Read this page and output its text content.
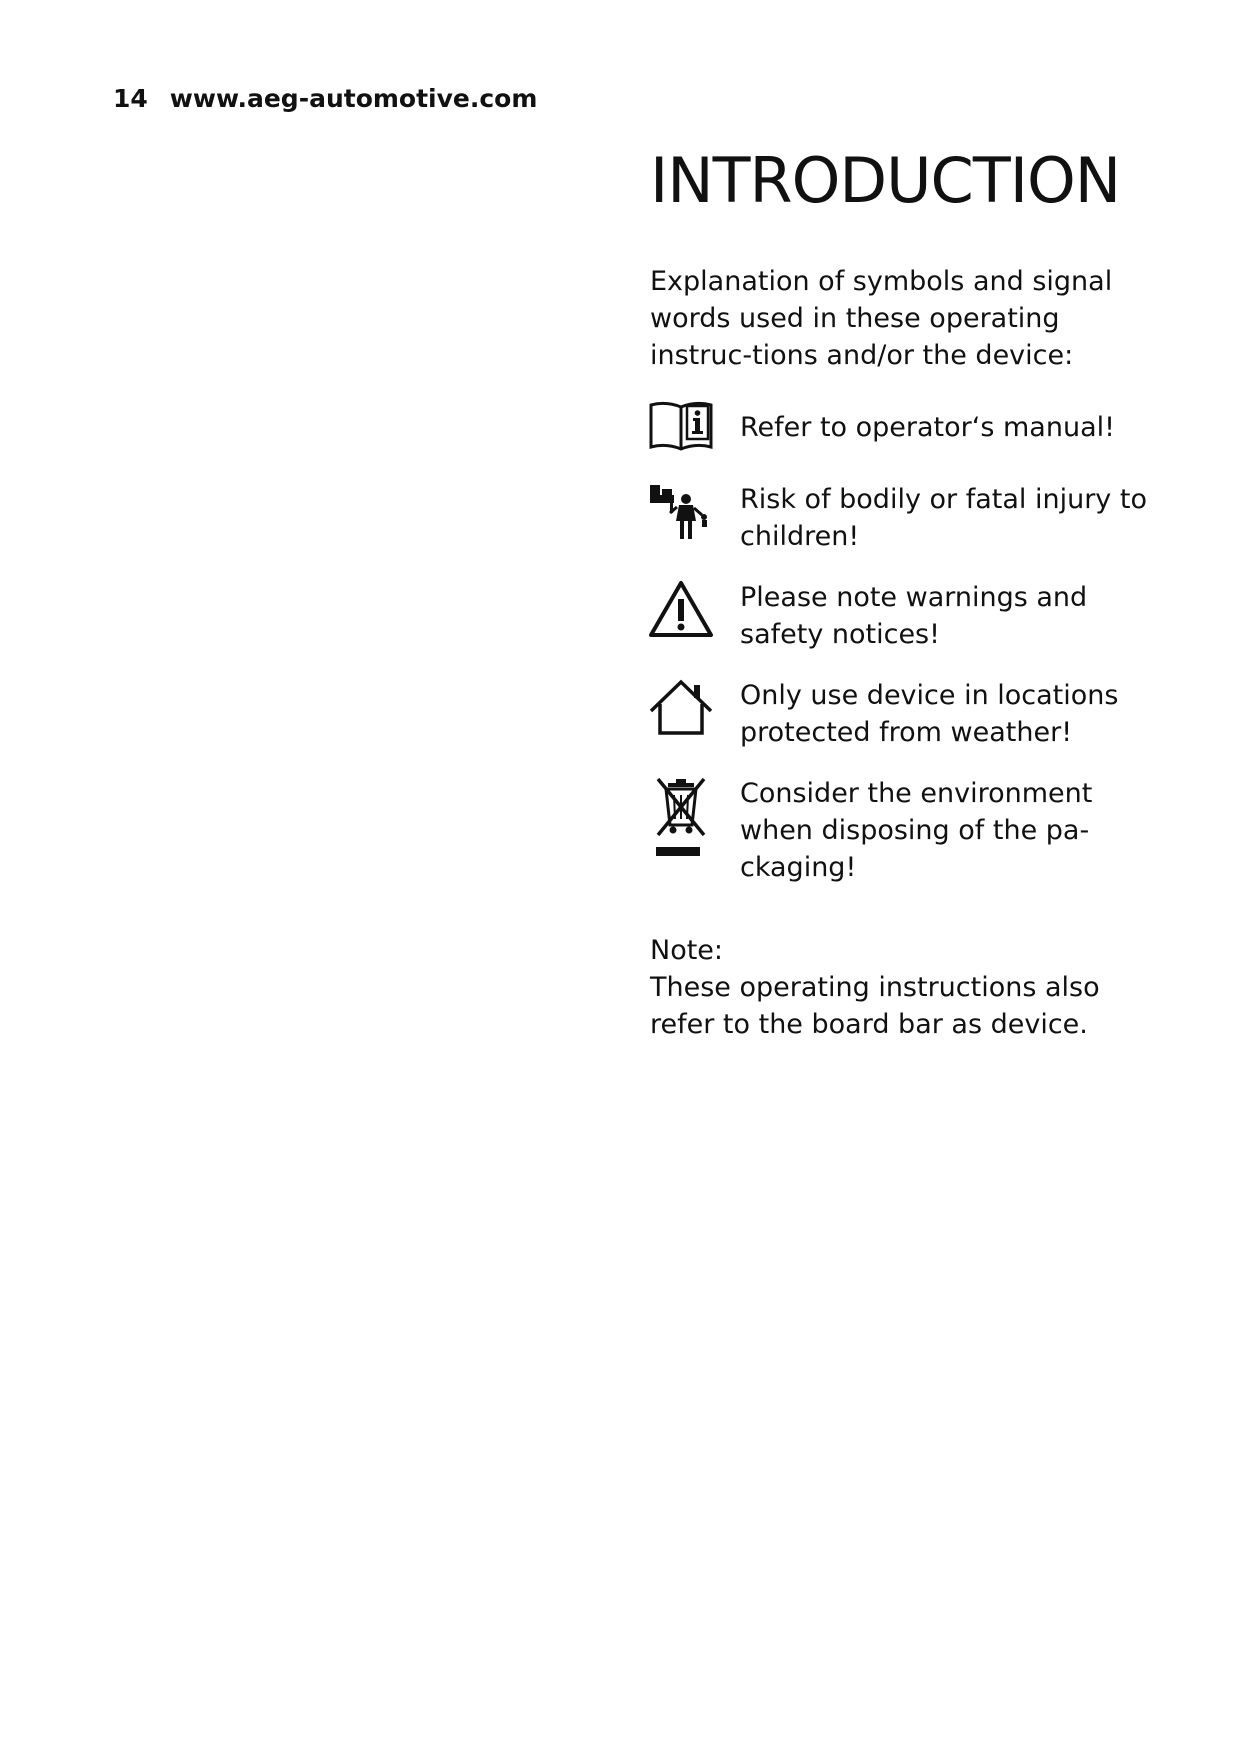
14 www.aeg-automotive.com
INTRODUCTION

Explanation of symbols and signal words used in these operating instruc-tions and/or the device:

Refer to operator‘s manual!

Risk of bodily or fatal injury to children!

Please note warnings and safety notices!

Only use device in locations protected from weather!

Consider the environment when disposing of the pa-ckaging!

Note:
These operating instructions also refer to the board bar as device.
